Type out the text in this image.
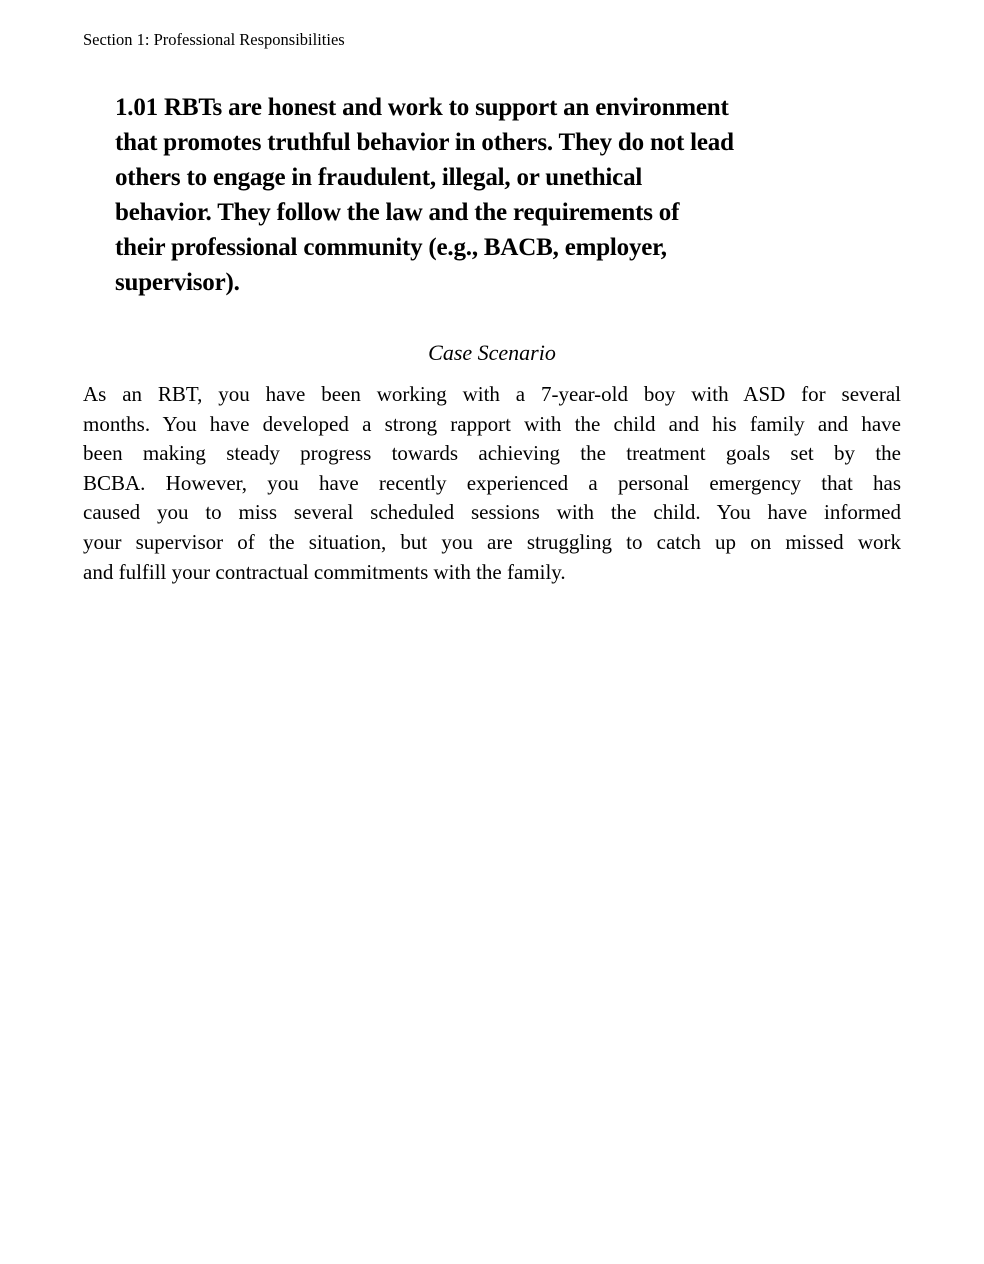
Section 1: Professional Responsibilities
1.01 RBTs are honest and work to support an environment
that promotes truthful behavior in others. They do not lead
others to engage in fraudulent, illegal, or unethical
behavior. They follow the law and the requirements of
their professional community (e.g., BACB, employer,
supervisor).
Case Scenario
As an RBT, you have been working with a 7-year-old boy with ASD for several
months. You have developed a strong rapport with the child and his family and have
been making steady progress towards achieving the treatment goals set by the
BCBA. However, you have recently experienced a personal emergency that has
caused you to miss several scheduled sessions with the child. You have informed
your supervisor of the situation, but you are struggling to catch up on missed work
and fulfill your contractual commitments with the family.
